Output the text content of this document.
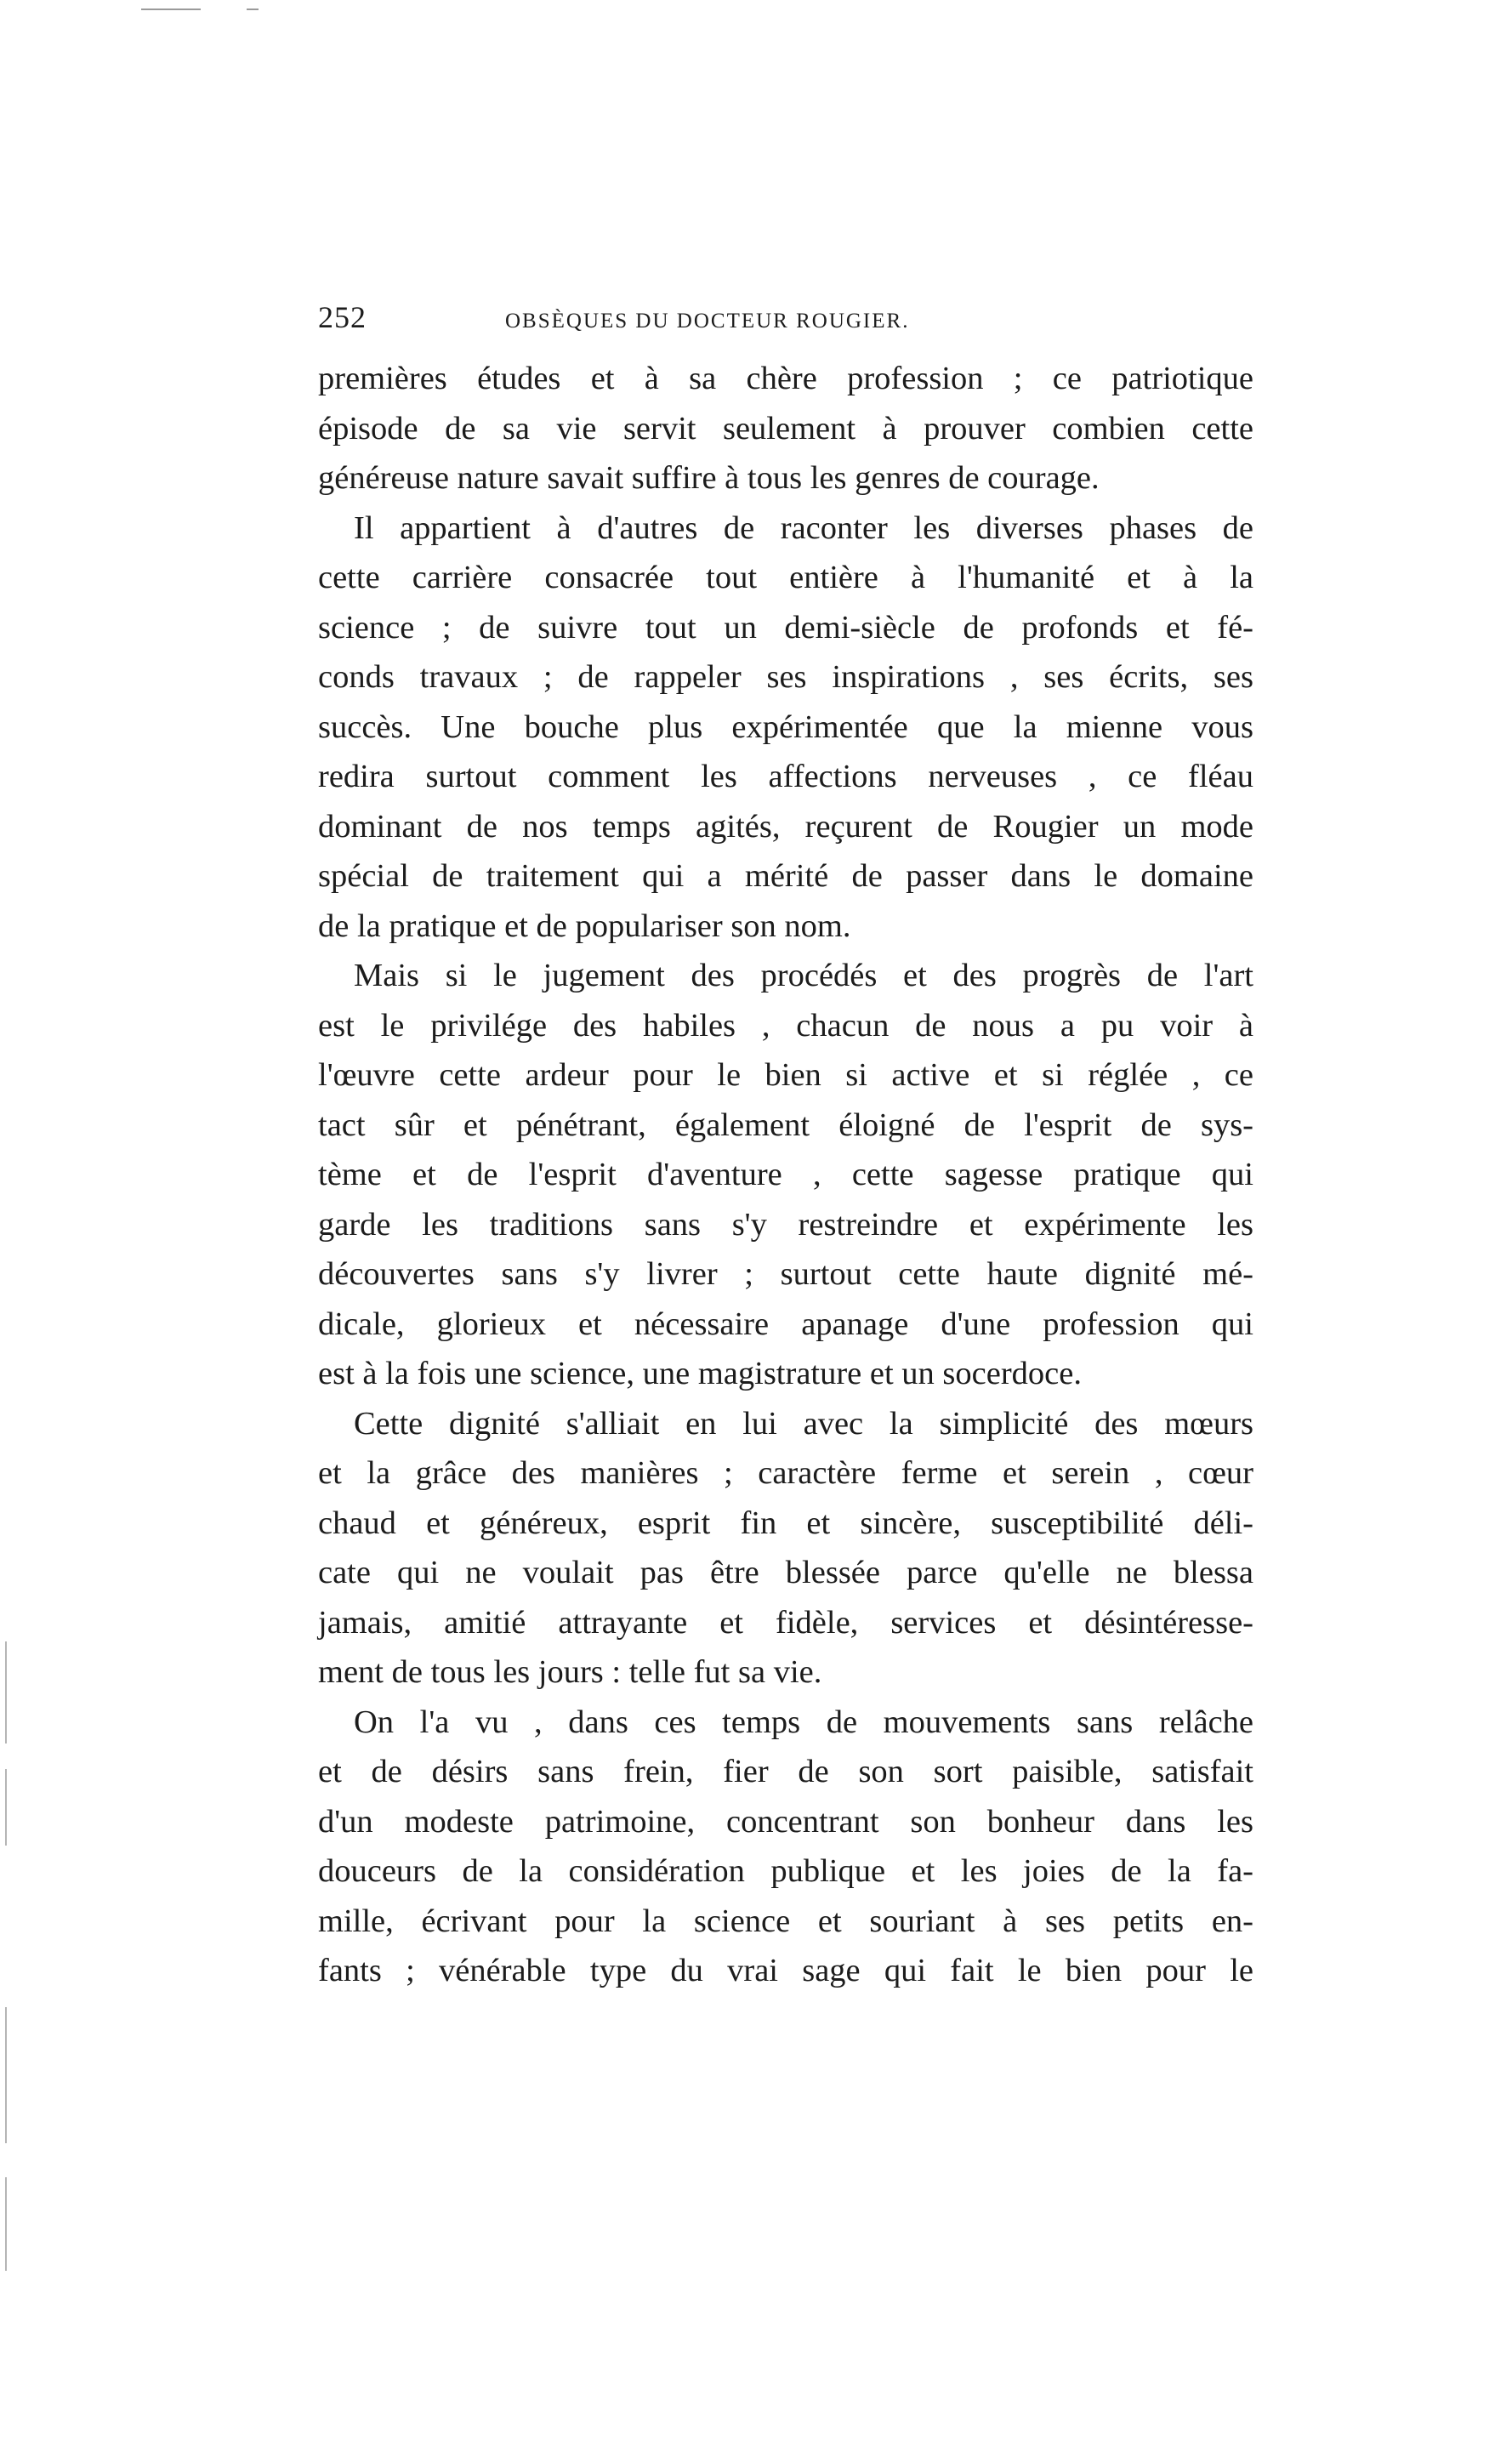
252	OBSÈQUES DU DOCTEUR ROUGIER.
premières études et à sa chère profession ; ce patriotique
épisode de sa vie servit seulement à prouver combien cette
généreuse nature savait suffire à tous les genres de courage.
Il appartient à d'autres de raconter les diverses phases de
cette carrière consacrée tout entière à l'humanité et à la
science ; de suivre tout un demi-siècle de profonds et fé-
conds travaux ; de rappeler ses inspirations , ses écrits, ses
succès. Une bouche plus expérimentée que la mienne vous
redira surtout comment les affections nerveuses , ce fléau
dominant de nos temps agités, reçurent de Rougier un mode
spécial de traitement qui a mérité de passer dans le domaine
de la pratique et de populariser son nom.
Mais si le jugement des procédés et des progrès de l'art
est le privilége des habiles , chacun de nous a pu voir à
l'œuvre cette ardeur pour le bien si active et si réglée , ce
tact sûr et pénétrant, également éloigné de l'esprit de sys-
tème et de l'esprit d'aventure , cette sagesse pratique qui
garde les traditions sans s'y restreindre et expérimente les
découvertes sans s'y livrer ; surtout cette haute dignité mé-
dicale, glorieux et nécessaire apanage d'une profession qui
est à la fois une science, une magistrature et un socerdoce.
Cette dignité s'alliait en lui avec la simplicité des mœurs
et la grâce des manières ; caractère ferme et serein , cœur
chaud et généreux, esprit fin et sincère, susceptibilité déli-
cate qui ne voulait pas être blessée parce qu'elle ne blessa
jamais, amitié attrayante et fidèle, services et désintéresse-
ment de tous les jours : telle fut sa vie.
On l'a vu , dans ces temps de mouvements sans relâche
et de désirs sans frein, fier de son sort paisible, satisfait
d'un modeste patrimoine, concentrant son bonheur dans les
douceurs de la considération publique et les joies de la fa-
mille, écrivant pour la science et souriant à ses petits en-
fants ; vénérable type du vrai sage qui fait le bien pour le
